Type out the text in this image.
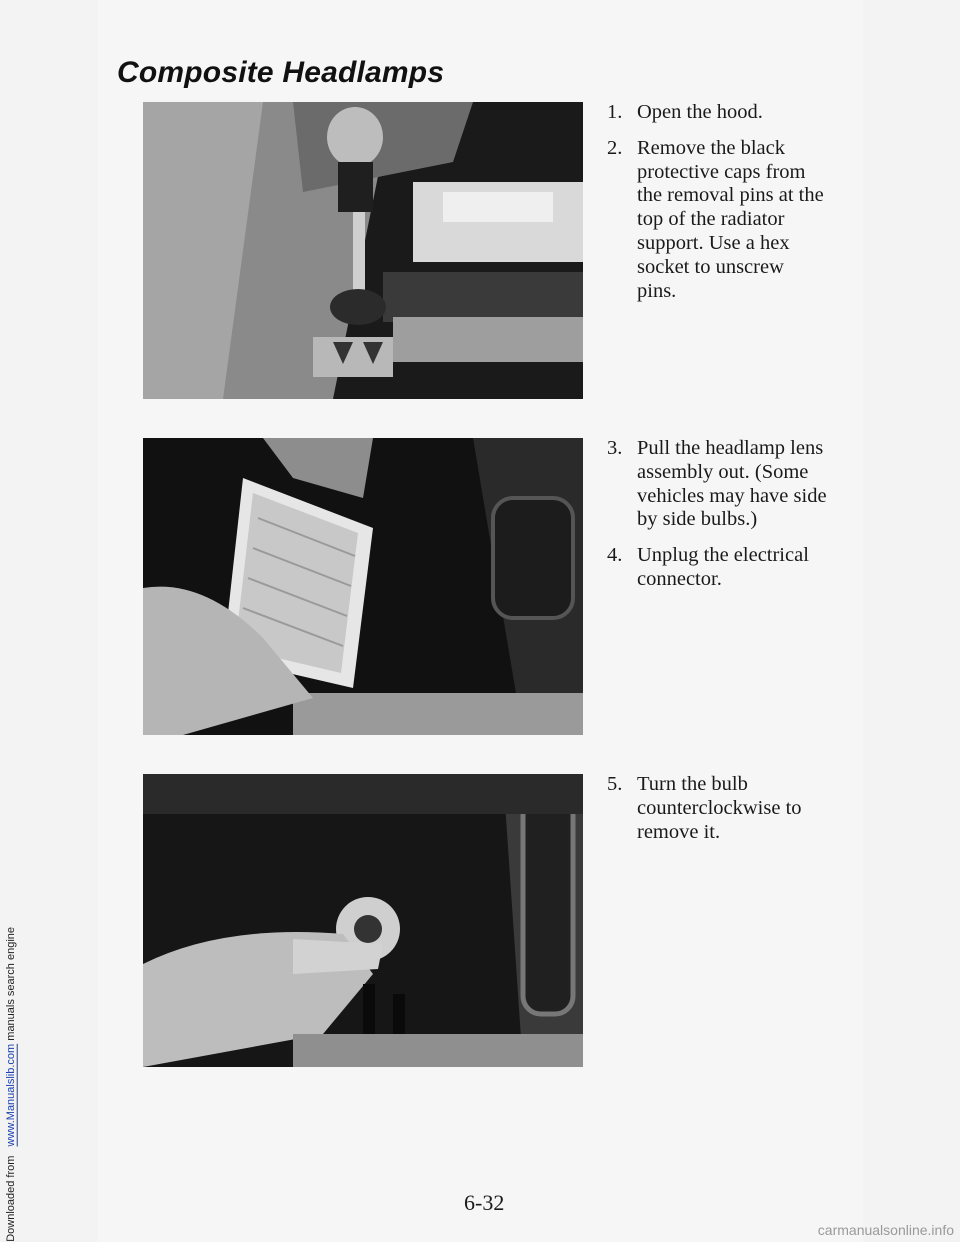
Downloaded from www.Manualslib.com manuals search engine
Composite Headlamps
1. Open the hood.
2. Remove the black protective caps from the removal pins at the top of the radiator support. Use a hex socket to unscrew pins.
3. Pull the headlamp lens assembly out. (Some vehicles may have side by side bulbs.)
4. Unplug the electrical connector.
5. Turn the bulb counterclockwise to remove it.
6-32
carmanualsonline.info
